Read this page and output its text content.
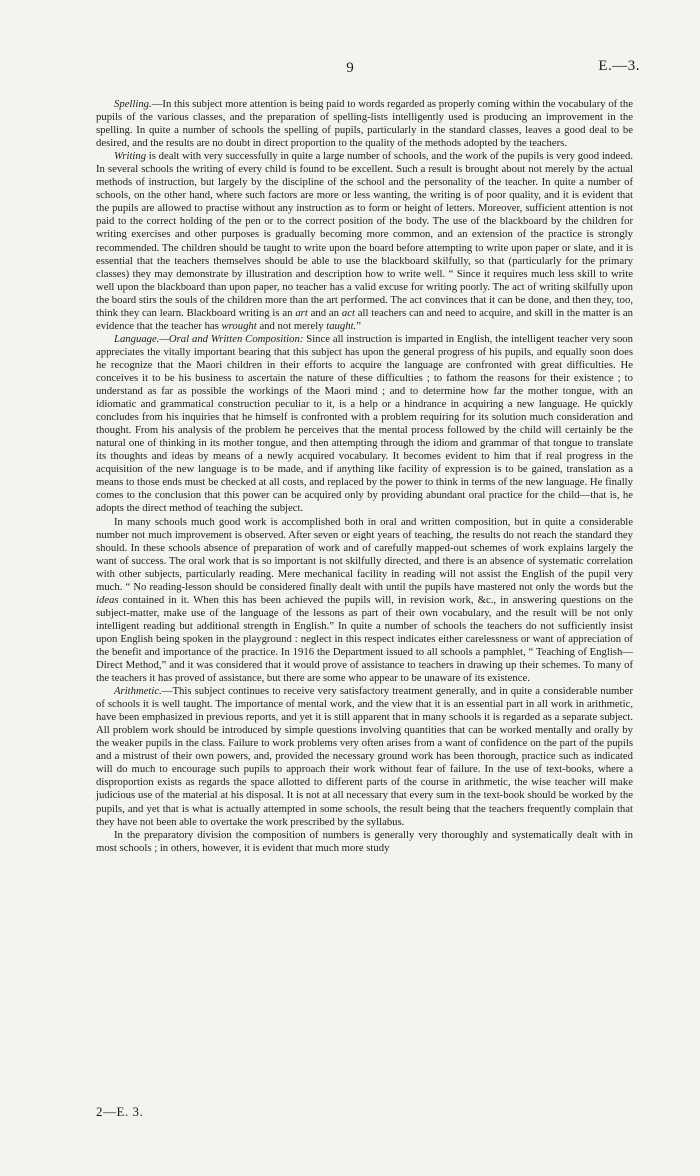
9	E.—3.

Spelling.—In this subject more attention is being paid to words regarded as properly coming within the vocabulary of the pupils of the various classes, and the preparation of spelling-lists intelligently used is producing an improvement in the spelling. In quite a number of schools the spelling of pupils, particularly in the standard classes, leaves a good deal to be desired, and the results are no doubt in direct proportion to the quality of the methods adopted by the teachers.

Writing is dealt with very successfully in quite a large number of schools, and the work of the pupils is very good indeed. In several schools the writing of every child is found to be excellent. Such a result is brought about not merely by the actual methods of instruction, but largely by the discipline of the school and the personality of the teacher. In quite a number of schools, on the other hand, where such factors are more or less wanting, the writing is of poor quality, and it is evident that the pupils are allowed to practise without any instruction as to form or height of letters. Moreover, sufficient attention is not paid to the correct holding of the pen or to the correct position of the body. The use of the blackboard by the children for writing exercises and other purposes is gradually becoming more common, and an extension of the practice is strongly recommended. The children should be taught to write upon the board before attempting to write upon paper or slate, and it is essential that the teachers themselves should be able to use the blackboard skilfully, so that (particularly for the primary classes) they may demonstrate by illustration and description how to write well. “ Since it requires much less skill to write well upon the blackboard than upon paper, no teacher has a valid excuse for writing poorly. The act of writing skilfully upon the board stirs the souls of the children more than the art performed. The act convinces that it can be done, and then they, too, think they can learn. Blackboard writing is an art and an act all teachers can and need to acquire, and skill in the matter is an evidence that the teacher has wrought and not merely taught.”

Language.—Oral and Written Composition: Since all instruction is imparted in English, the intelligent teacher very soon appreciates the vitally important bearing that this subject has upon the general progress of his pupils, and equally soon does he recognize that the Maori children in their efforts to acquire the language are confronted with great difficulties. He conceives it to be his business to ascertain the nature of these difficulties ; to fathom the reasons for their existence ; to understand as far as possible the workings of the Maori mind ; and to determine how far the mother tongue, with an idiomatic and grammatical construction peculiar to it, is a help or a hindrance in acquiring a new language. He quickly concludes from his inquiries that he himself is confronted with a problem requiring for its solution much consideration and thought. From his analysis of the problem he perceives that the mental process followed by the child will certainly be the natural one of thinking in its mother tongue, and then attempting through the idiom and grammar of that tongue to translate its thoughts and ideas by means of a newly acquired vocabulary. It becomes evident to him that if real progress in the acquisition of the new language is to be made, and if anything like facility of expression is to be gained, translation as a means to those ends must be checked at all costs, and replaced by the power to think in terms of the new language. He finally comes to the conclusion that this power can be acquired only by providing abundant oral practice for the child—that is, he adopts the direct method of teaching the subject.

In many schools much good work is accomplished both in oral and written composition, but in quite a considerable number not much improvement is observed. After seven or eight years of teaching, the results do not reach the standard they should. In these schools absence of preparation of work and of carefully mapped-out schemes of work explains largely the want of success. The oral work that is so important is not skilfully directed, and there is an absence of systematic correlation with other subjects, particularly reading. Mere mechanical facility in reading will not assist the English of the pupil very much. “ No reading-lesson should be considered finally dealt with until the pupils have mastered not only the words but the ideas contained in it. When this has been achieved the pupils will, in revision work, &c., in answering questions on the subject-matter, make use of the language of the lessons as part of their own vocabulary, and the result will be not only intelligent reading but additional strength in English.” In quite a number of schools the teachers do not sufficiently insist upon English being spoken in the playground : neglect in this respect indicates either carelessness or want of appreciation of the benefit and importance of the practice. In 1916 the Department issued to all schools a pamphlet, “ Teaching of English—Direct Method,” and it was considered that it would prove of assistance to teachers in drawing up their schemes. To many of the teachers it has proved of assistance, but there are some who appear to be unaware of its existence.

Arithmetic.—This subject continues to receive very satisfactory treatment generally, and in quite a considerable number of schools it is well taught. The importance of mental work, and the view that it is an essential part in all work in arithmetic, have been emphasized in previous reports, and yet it is still apparent that in many schools it is regarded as a separate subject. All problem work should be introduced by simple questions involving quantities that can be worked mentally and orally by the weaker pupils in the class. Failure to work problems very often arises from a want of confidence on the part of the pupils and a mistrust of their own powers, and, provided the necessary ground work has been thorough, practice such as indicated will do much to encourage such pupils to approach their work without fear of failure. In the use of text-books, where a disproportion exists as regards the space allotted to different parts of the course in arithmetic, the wise teacher will make judicious use of the material at his disposal. It is not at all necessary that every sum in the text-book should be worked by the pupils, and yet that is what is actually attempted in some schools, the result being that the teachers frequently complain that they have not been able to overtake the work prescribed by the syllabus.

In the preparatory division the composition of numbers is generally very thoroughly and systematically dealt with in most schools ; in others, however, it is evident that much more study

2—E. 3.
